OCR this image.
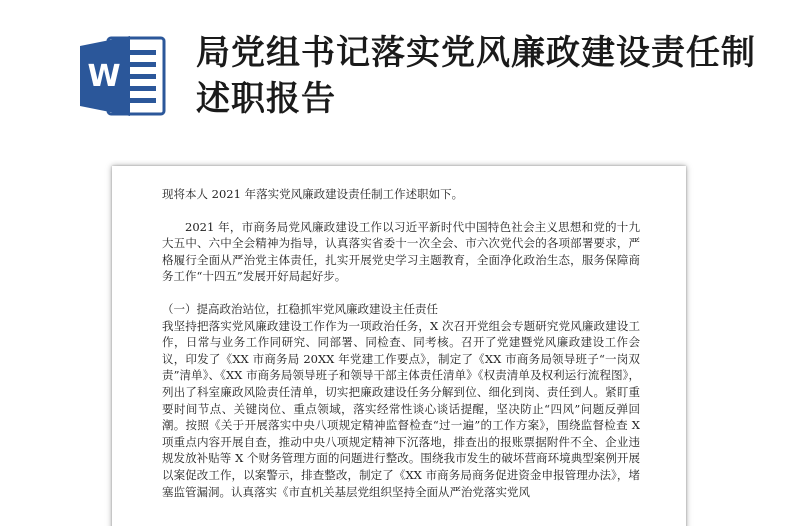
W
局党组书记落实党风廉政建设责任制述职报告

现将本人 2021 年落实党风廉政建设责任制工作述职如下。

2021 年，市商务局党风廉政建设工作以习近平新时代中国特色社会主义思想和党的十九大五中、六中全会精神为指导，认真落实省委十一次全会、市六次党代会的各项部署要求，严格履行全面从严治党主体责任，扎实开展党史学习主题教育，全面净化政治生态，服务保障商务工作“十四五”发展开好局起好步。

（一）提高政治站位，扛稳抓牢党风廉政建设主任责任

我坚持把落实党风廉政建设工作作为一项政治任务，X 次召开党组会专题研究党风廉政建设工作，日常与业务工作同研究、同部署、同检查、同考核。召开了党建暨党风廉政建设工作会议，印发了《XX 市商务局 20XX 年党建工作要点》，制定了《XX 市商务局领导班子“一岗双责”清单》、《XX 市商务局领导班子和领导干部主体责任清单》《权责清单及权利运行流程图》，列出了科室廉政风险责任清单，切实把廉政建设任务分解到位、细化到岗、责任到人。紧盯重要时间节点、关键岗位、重点领域，落实经常性谈心谈话提醒，坚决防止“四风”问题反弹回潮。按照《关于开展落实中央八项规定精神监督检查“过一遍”的工作方案》，围绕监督检查 X 项重点内容开展自查，推动中央八项规定精神下沉落地，排查出的报账票据附件不全、企业违规发放补贴等 X 个财务管理方面的问题进行整改。围绕我市发生的破坏营商环境典型案例开展以案促改工作，以案警示，排查整改，制定了《XX 市商务局商务促进资金申报管理办法》，堵塞监管漏洞。认真落实《市直机关基层党组织坚持全面从严治党落实党风
